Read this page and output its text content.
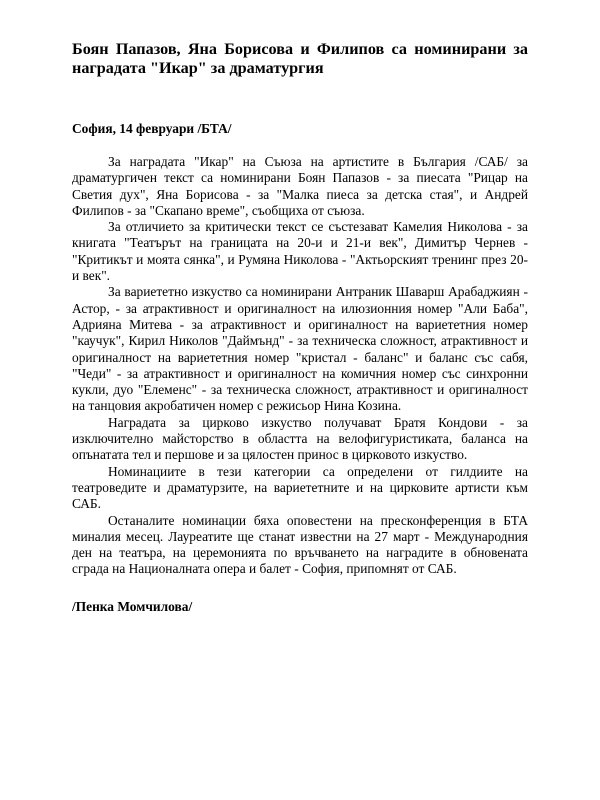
Боян Папазов, Яна Борисова и Филипов са номинирани за наградата "Икар" за драматургия
София, 14 февруари /БТА/

За наградата "Икар" на Съюза на артистите в България /САБ/ за драматургичен текст са номинирани Боян Папазов - за пиесата "Рицар на Светия дух", Яна Борисова - за "Малка пиеса за детска стая", и Андрей Филипов - за "Скапано време", съобщиха от съюза.

За отличието за критически текст се състезават Камелия Николова - за книгата "Театърът на границата на 20-и и 21-и век", Димитър Чернев - "Критикът и моята сянка", и Румяна Николова - "Актьорският тренинг през 20-и век".

За вариететно изкуство са номинирани Антраник Шаварш Арабаджиян - Астор, - за атрактивност и оригиналност на илюзионния номер "Али Баба", Адрияна Митева - за атрактивност и оригиналност на вариететния номер "каучук", Кирил Николов "Даймънд" - за техническа сложност, атрактивност и оригиналност на вариететния номер "кристал - баланс" и баланс със сабя, "Чеди" - за атрактивност и оригиналност на комичния номер със синхронни кукли, дуо "Елеменс" - за техническа сложност, атрактивност и оригиналност на танцовия акробатичен номер с режисьор Нина Козина.

Наградата за цирково изкуство получават Братя Кондови - за изключително майсторство в областта на велофигуристиката, баланса на опънатата тел и першове и за цялостен принос в цирковото изкуство.

Номинациите в тези категории са определени от гилдиите на театроведите и драматурзите, на вариететните и на цирковите артисти към САБ.

Останалите номинации бяха оповестени на пресконференция в БТА миналия месец. Лауреатите ще станат известни на 27 март - Международния ден на театъра, на церемонията по връчването на наградите в обновената сграда на Националната опера и балет - София, припомнят от САБ.

/Пенка Момчилова/
